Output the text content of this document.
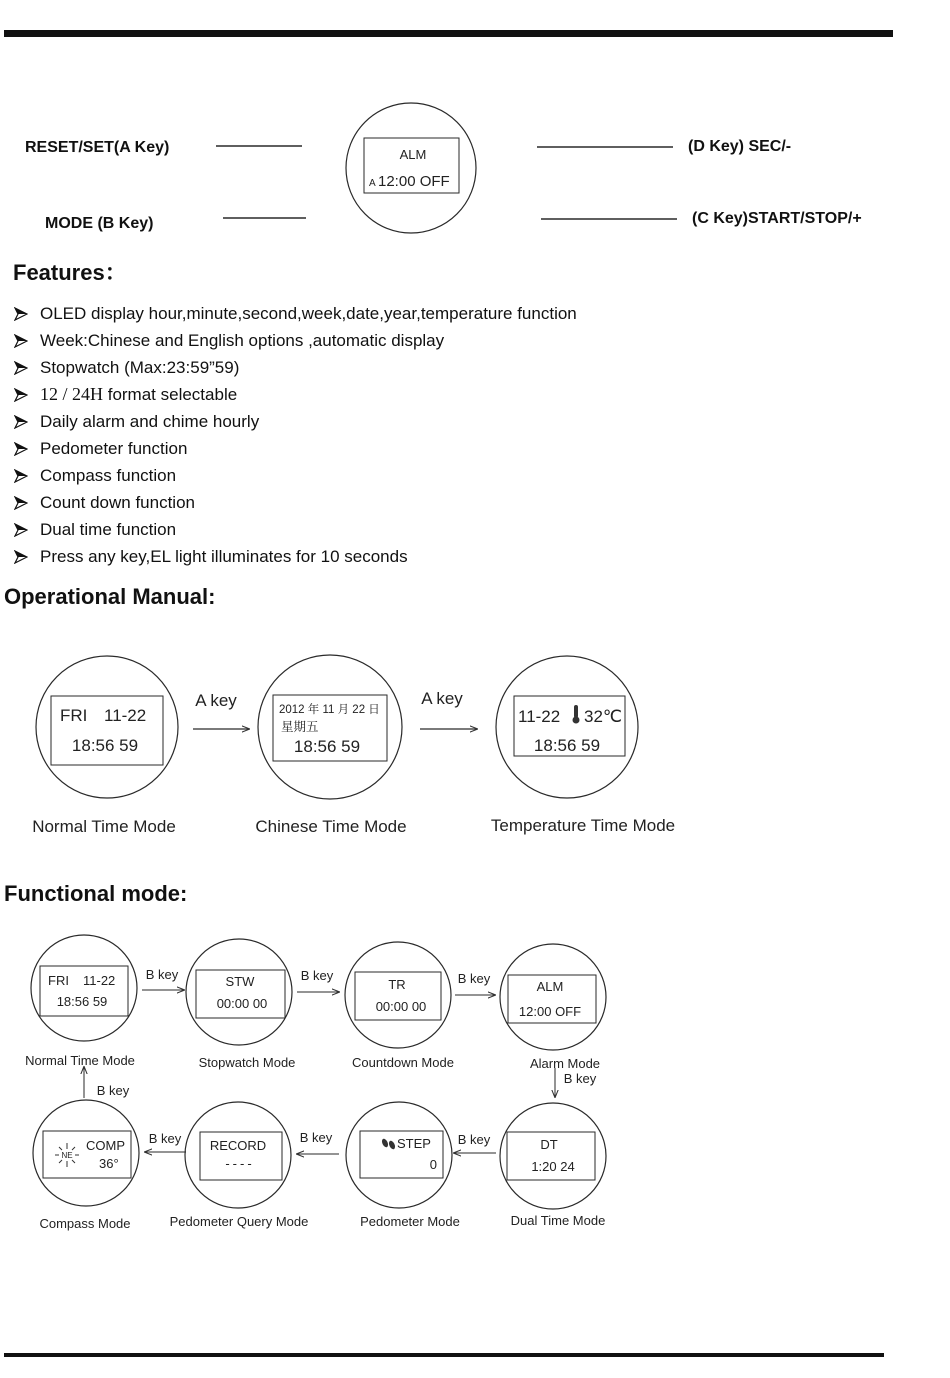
RESET/SET(A Key)
MODE (B Key)
(D Key) SEC/-
(C Key)START/STOP/+
ALM
A 12:00 OFF
FRI 11-22
18:56 59
Normal Time Mode
A key	2012 年 11 月 22 日
星期五
18:56 59
Chinese Time Mode
A key
11-22 32℃
18:56 59
Temperature Time Mode
FRI 11-22
18:56 59
Normal Time Mode
B key	STW
00:00 00
Stopwatch Mode
B key
TR
00:00 00
Countdown Mode
B key
ALM
12:00 OFF
Alarm Mode
B key
DT
1:20 24
Dual Time Mode
B key
STEP
0
Pedometer Mode
B key
RECORD
----
Pedometer Query Mode
B key
NE
COMP
36°
Compass Mode
B key
Features：
OLED display hour,minute,second,week,date,year,temperature function
Week:Chinese and English options ,automatic display
Stopwatch (Max:23:59”59)
12 / 24H format selectable
Daily alarm and chime hourly
Pedometer function
Compass function
Count down function
Dual time function
Press any key,EL light illuminates for 10 seconds
Operational Manual:
Functional mode:
